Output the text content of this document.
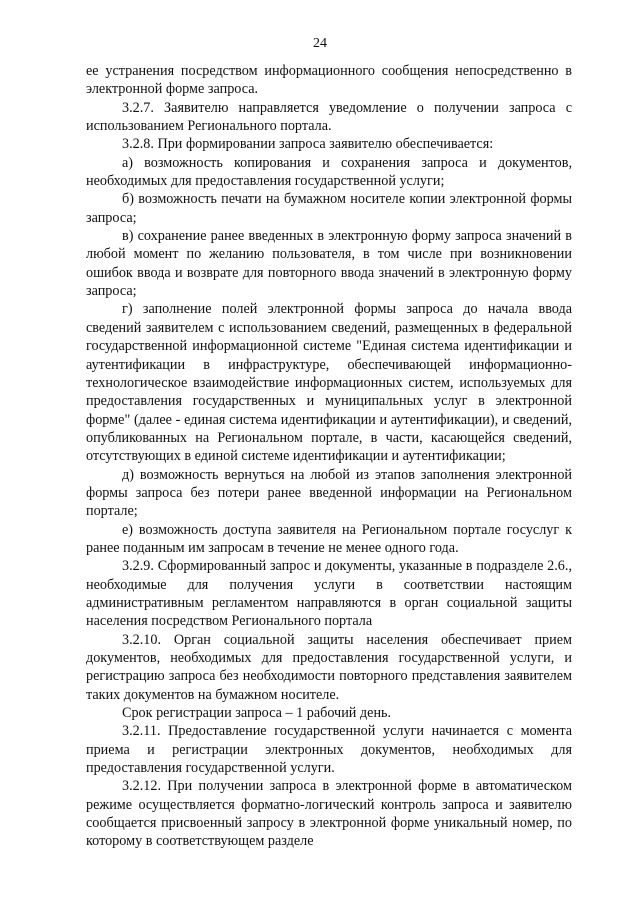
24

ее устранения посредством информационного сообщения непосредственно в электронной форме запроса.

3.2.7. Заявителю направляется уведомление о получении запроса с использованием Регионального портала.

3.2.8. При формировании запроса заявителю обеспечивается:

а) возможность копирования и сохранения запроса и документов, необходимых для предоставления государственной услуги;

б) возможность печати на бумажном носителе копии электронной формы запроса;

в) сохранение ранее введенных в электронную форму запроса значений в любой момент по желанию пользователя, в том числе при возникновении ошибок ввода и возврате для повторного ввода значений в электронную форму запроса;

г) заполнение полей электронной формы запроса до начала ввода сведений заявителем с использованием сведений, размещенных в федеральной государственной информационной системе "Единая система идентификации и аутентификации в инфраструктуре, обеспечивающей информационно-технологическое взаимодействие информационных систем, используемых для предоставления государственных и муниципальных услуг в электронной форме" (далее - единая система идентификации и аутентификации), и сведений, опубликованных на Региональном портале, в части, касающейся сведений, отсутствующих в единой системе идентификации и аутентификации;

д) возможность вернуться на любой из этапов заполнения электронной формы запроса без потери ранее введенной информации на Региональном портале;

е) возможность доступа заявителя на Региональном портале госуслуг к ранее поданным им запросам в течение не менее одного года.

3.2.9. Сформированный запрос и документы, указанные в подразделе 2.6., необходимые для получения услуги в соответствии настоящим административным регламентом направляются в орган социальной защиты населения посредством Регионального портала

3.2.10. Орган социальной защиты населения обеспечивает прием документов, необходимых для предоставления государственной услуги, и регистрацию запроса без необходимости повторного представления заявителем таких документов на бумажном носителе.

Срок регистрации запроса – 1 рабочий день.

3.2.11. Предоставление государственной услуги начинается с момента приема и регистрации электронных документов, необходимых для предоставления государственной услуги.

3.2.12. При получении запроса в электронной форме в автоматическом режиме осуществляется форматно-логический контроль запроса и заявителю сообщается присвоенный запросу в электронной форме уникальный номер, по которому в соответствующем разделе
